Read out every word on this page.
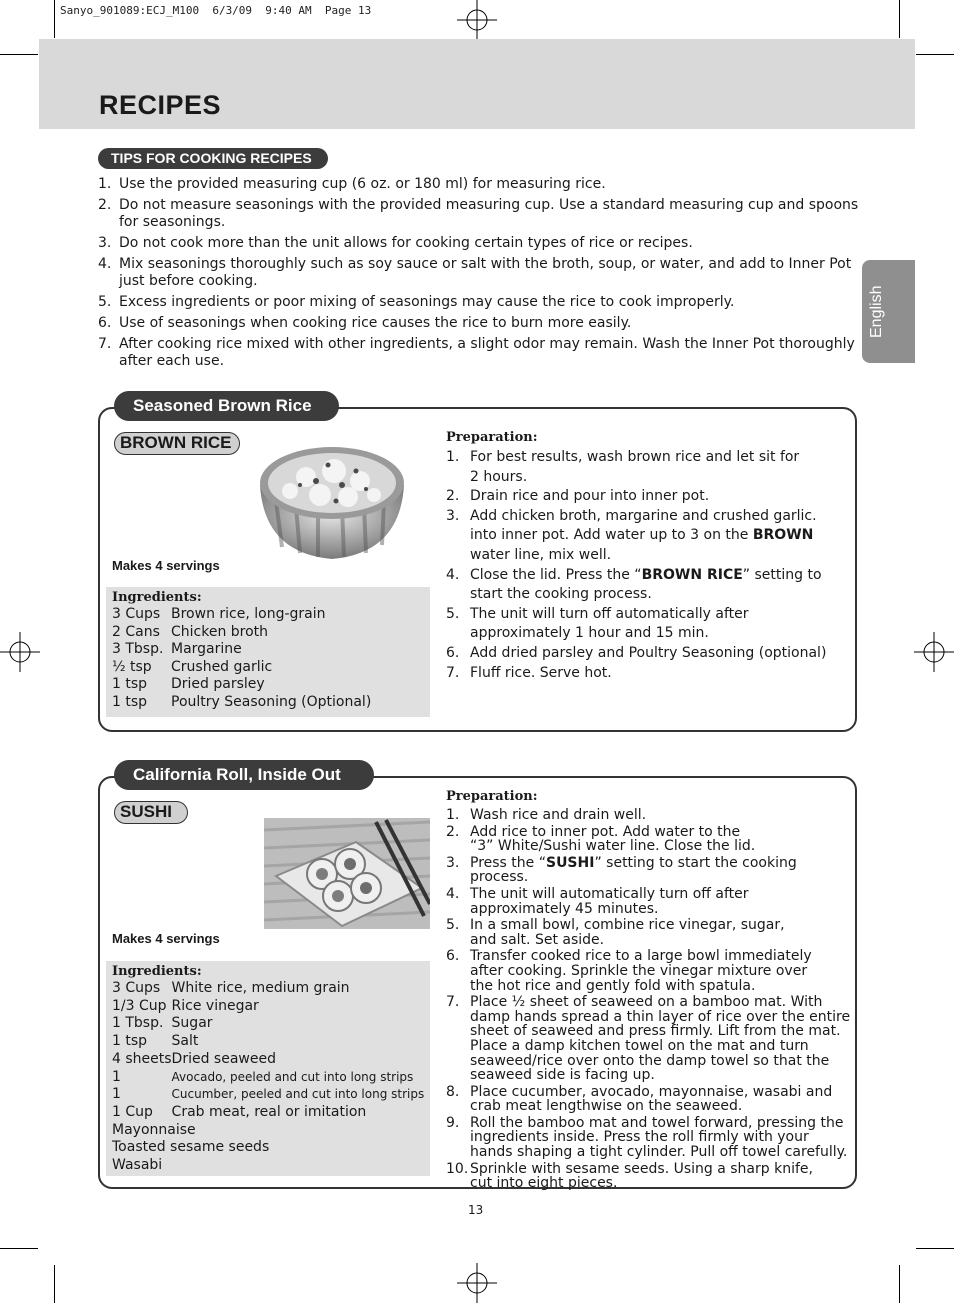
Sanyo_901089:ECJ_M100  6/3/09  9:40 AM  Page 13
RECIPES
English
TIPS FOR COOKING RECIPES
1. Use the provided measuring cup (6 oz. or 180 ml) for measuring rice.
2. Do not measure seasonings with the provided measuring cup. Use a standard measuring cup and spoons for seasonings.
3. Do not cook more than the unit allows for cooking certain types of rice or recipes.
4. Mix seasonings thoroughly such as soy sauce or salt with the broth, soup, or water, and add to Inner Pot just before cooking.
5. Excess ingredients or poor mixing of seasonings may cause the rice to cook improperly.
6. Use of seasonings when cooking rice causes the rice to burn more easily.
7. After cooking rice mixed with other ingredients, a slight odor may remain. Wash the Inner Pot thoroughly after each use.
Seasoned Brown Rice
BROWN RICE
Makes 4 servings
Ingredients:
3 Cups	Brown rice, long-grain
2 Cans	Chicken broth
3 Tbsp.	Margarine
½ tsp	Crushed garlic
1 tsp	Dried parsley
1 tsp	Poultry Seasoning (Optional)
Preparation:
1. For best results, wash brown rice and let sit for
2 hours.
2. Drain rice and pour into inner pot.
3. Add chicken broth, margarine and crushed garlic.
into inner pot. Add water up to 3 on the BROWN
water line, mix well.
4. Close the lid. Press the “BROWN RICE” setting to
start the cooking process.
5. The unit will turn off automatically after
approximately 1 hour and 15 min.
6. Add dried parsley and Poultry Seasoning (optional)
7. Fluff rice. Serve hot.
California Roll, Inside Out
SUSHI
Makes 4 servings
Ingredients:
3 Cups	White rice, medium grain
1/3 Cup	Rice vinegar
1 Tbsp.	Sugar
1 tsp	Salt
4 sheets	Dried seaweed
1	Avocado, peeled and cut into long strips
1	Cucumber, peeled and cut into long strips
1 Cup	Crab meat, real or imitation
Mayonnaise	
Toasted sesame seeds	
Wasabi	
Preparation:
1. Wash rice and drain well.
2. Add rice to inner pot. Add water to the
“3” White/Sushi water line. Close the lid.
3. Press the “SUSHI” setting to start the cooking process.
4. The unit will automatically turn off after
approximately 45 minutes.
5. In a small bowl, combine rice vinegar, sugar,
and salt. Set aside.
6. Transfer cooked rice to a large bowl immediately
after cooking. Sprinkle the vinegar mixture over
the hot rice and gently fold with spatula.
7. Place ½ sheet of seaweed on a bamboo mat. With
damp hands spread a thin layer of rice over the entire
sheet of seaweed and press firmly. Lift from the mat.
Place a damp kitchen towel on the mat and turn
seaweed/rice over onto the damp towel so that the
seaweed side is facing up.
8. Place cucumber, avocado, mayonnaise, wasabi and
crab meat lengthwise on the seaweed.
9. Roll the bamboo mat and towel forward, pressing the
ingredients inside. Press the roll firmly with your
hands shaping a tight cylinder. Pull off towel carefully.
10. Sprinkle with sesame seeds. Using a sharp knife,
cut into eight pieces.
13
